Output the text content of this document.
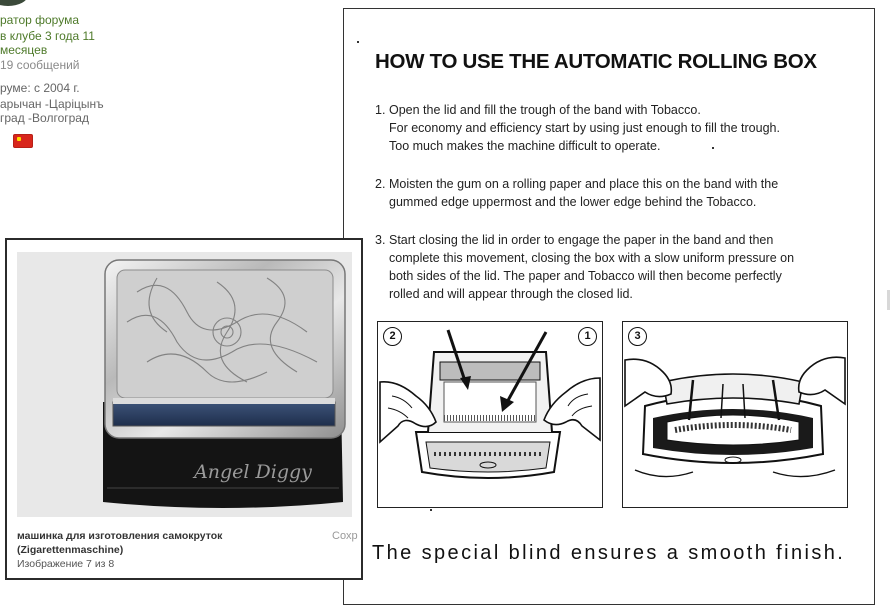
ратор форума
в клубе 3 года 11
месяцев
19 сообщений
руме: с 2004 г.
арычан -Царіцынъ
град -Волгоград
HOW TO USE THE AUTOMATIC ROLLING BOX
1. Open the lid and fill the trough of the band with Tobacco.
For economy and efficiency start by using just enough to fill the trough.
Too much makes the machine difficult to operate.
2. Moisten the gum on a rolling paper and place this on the band with the
gummed edge uppermost and the lower edge behind the Tobacco.
3. Start closing the lid in order to engage the paper in the band and then
complete this movement, closing the box with a slow uniform pressure on
both sides of the lid. The paper and Tobacco will then become perfectly
rolled and will appear through the closed lid.
2	1	3
The special blind ensures a smooth finish.
Angel Diggy
машинка для изготовления самокруток
(Zigarettenmaschine)
Изображение 7 из 8
Сохр
